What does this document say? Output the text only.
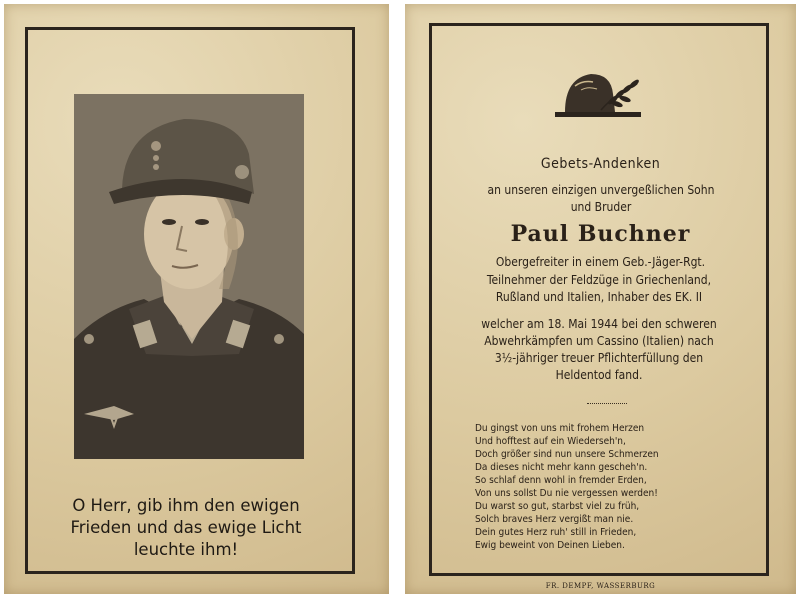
O Herr, gib ihm den ewigen
Frieden und das ewige Licht
leuchte ihm!
Gebets-Andenken
an unseren einzigen unvergeßlichen Sohn
und Bruder
Paul Buchner
Obergefreiter in einem Geb.-Jäger-Rgt.
Teilnehmer der Feldzüge in Griechenland,
Rußland und Italien, Inhaber des EK. II
welcher am 18. Mai 1944 bei den schweren
Abwehrkämpfen um Cassino (Italien) nach
3½-jähriger treuer Pflichterfüllung den
Heldentod fand.
Du gingst von uns mit frohem Herzen
Und hofftest auf ein Wiederseh'n,
Doch größer sind nun unsere Schmerzen
Da dieses nicht mehr kann gescheh'n.
So schlaf denn wohl in fremder Erden,
Von uns sollst Du nie vergessen werden!
Du warst so gut, starbst viel zu früh,
Solch braves Herz vergißt man nie.
Dein gutes Herz ruh' still in Frieden,
Ewig beweint von Deinen Lieben.
FR. DEMPF, WASSERBURG
